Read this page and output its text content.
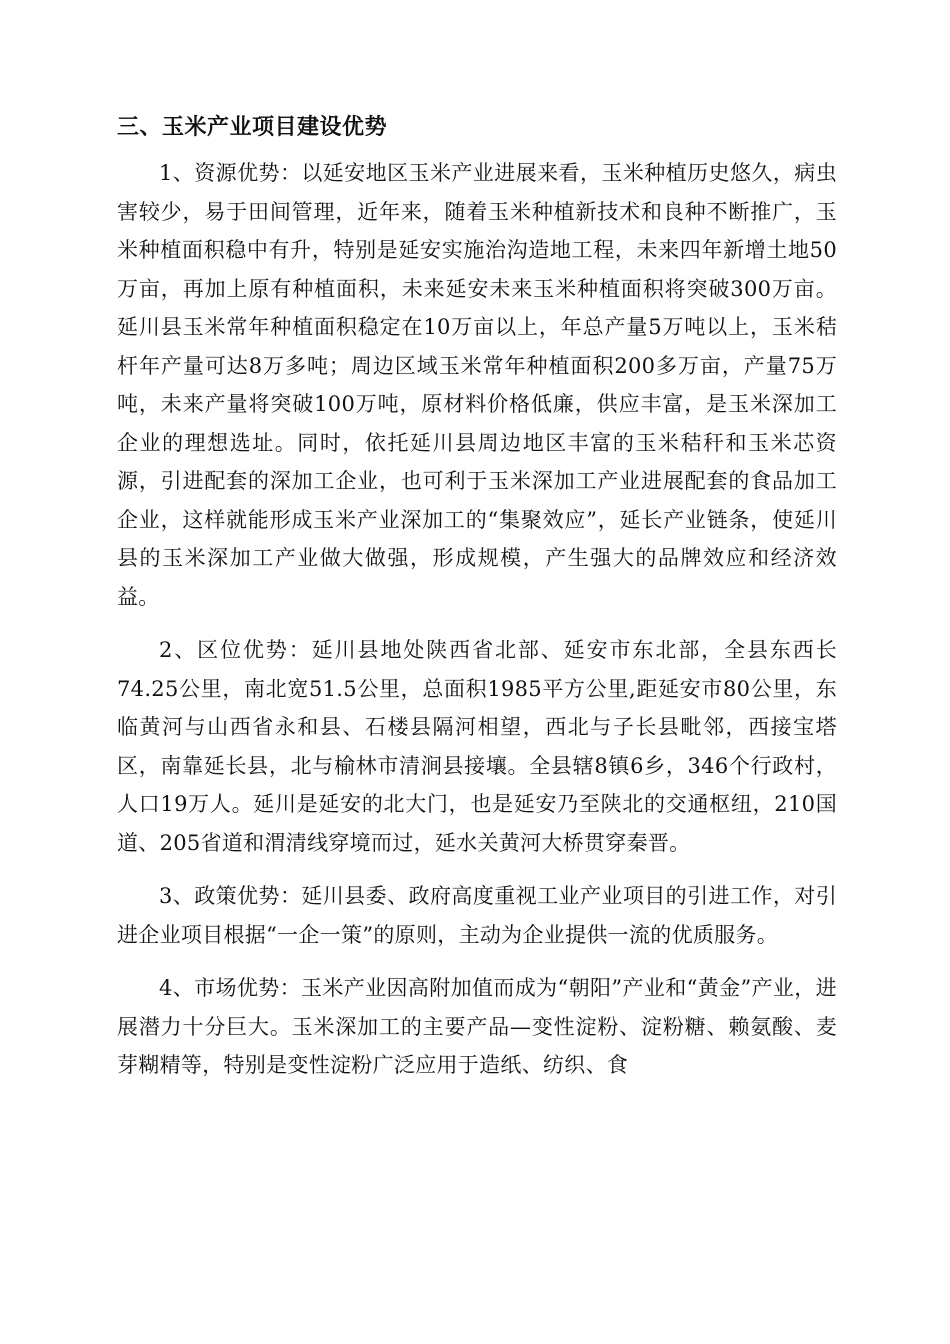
三、玉米产业项目建设优势

1、资源优势：以延安地区玉米产业进展来看，玉米种植历史悠久，病虫害较少，易于田间管理，近年来，随着玉米种植新技术和良种不断推广，玉米种植面积稳中有升，特别是延安实施治沟造地工程，未来四年新增土地50万亩，再加上原有种植面积，未来延安未来玉米种植面积将突破300万亩。延川县玉米常年种植面积稳定在10万亩以上，年总产量5万吨以上，玉米秸杆年产量可达8万多吨；周边区域玉米常年种植面积200多万亩，产量75万吨，未来产量将突破100万吨，原材料价格低廉，供应丰富，是玉米深加工企业的理想选址。同时，依托延川县周边地区丰富的玉米秸秆和玉米芯资源，引进配套的深加工企业，也可利于玉米深加工产业进展配套的食品加工企业，这样就能形成玉米产业深加工的“集聚效应”，延长产业链条，使延川县的玉米深加工产业做大做强，形成规模，产生强大的品牌效应和经济效益。

2、区位优势：延川县地处陕西省北部、延安市东北部，全县东西长74.25公里，南北宽51.5公里，总面积1985平方公里,距延安市80公里，东临黄河与山西省永和县、石楼县隔河相望，西北与子长县毗邻，西接宝塔区，南靠延长县，北与榆林市清涧县接壤。全县辖8镇6乡，346个行政村，人口19万人。延川是延安的北大门，也是延安乃至陕北的交通枢纽，210国道、205省道和渭清线穿境而过，延水关黄河大桥贯穿秦晋。

3、政策优势：延川县委、政府高度重视工业产业项目的引进工作，对引进企业项目根据“一企一策”的原则，主动为企业提供一流的优质服务。

4、市场优势：玉米产业因高附加值而成为“朝阳”产业和“黄金”产业，进展潜力十分巨大。玉米深加工的主要产品—变性淀粉、淀粉糖、赖氨酸、麦芽糊精等，特别是变性淀粉广泛应用于造纸、纺织、食
